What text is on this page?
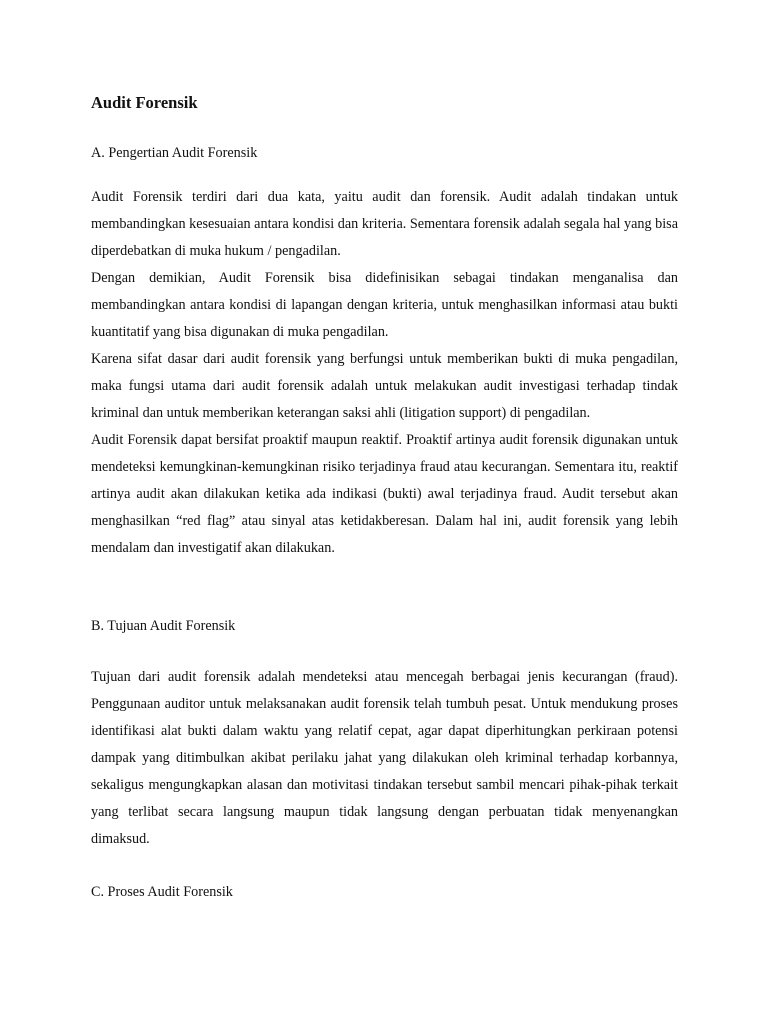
Audit Forensik
A. Pengertian Audit Forensik

Audit Forensik terdiri dari dua kata, yaitu audit dan forensik. Audit adalah tindakan untuk membandingkan kesesuaian antara kondisi dan kriteria. Sementara forensik adalah segala hal yang bisa diperdebatkan di muka hukum / pengadilan.

Dengan demikian, Audit Forensik bisa didefinisikan sebagai tindakan menganalisa dan membandingkan antara kondisi di lapangan dengan kriteria, untuk menghasilkan informasi atau bukti kuantitatif yang bisa digunakan di muka pengadilan.

Karena sifat dasar dari audit forensik yang berfungsi untuk memberikan bukti di muka pengadilan, maka fungsi utama dari audit forensik adalah untuk melakukan audit investigasi terhadap tindak kriminal dan untuk memberikan keterangan saksi ahli (litigation support) di pengadilan.

Audit Forensik dapat bersifat proaktif maupun reaktif. Proaktif artinya audit forensik digunakan untuk mendeteksi kemungkinan-kemungkinan risiko terjadinya fraud atau kecurangan. Sementara itu, reaktif artinya audit akan dilakukan ketika ada indikasi (bukti) awal terjadinya fraud. Audit tersebut akan menghasilkan “red flag” atau sinyal atas ketidakberesan. Dalam hal ini, audit forensik yang lebih mendalam dan investigatif akan dilakukan.

B. Tujuan Audit Forensik

Tujuan dari audit forensik adalah mendeteksi atau mencegah berbagai jenis kecurangan (fraud). Penggunaan auditor untuk melaksanakan audit forensik telah tumbuh pesat. Untuk mendukung proses identifikasi alat bukti dalam waktu yang relatif cepat, agar dapat diperhitungkan perkiraan potensi dampak yang ditimbulkan akibat perilaku jahat yang dilakukan oleh kriminal terhadap korbannya, sekaligus mengungkapkan alasan dan motivitasi tindakan tersebut sambil mencari pihak-pihak terkait yang terlibat secara langsung maupun tidak langsung dengan perbuatan tidak menyenangkan dimaksud.

C. Proses Audit Forensik
